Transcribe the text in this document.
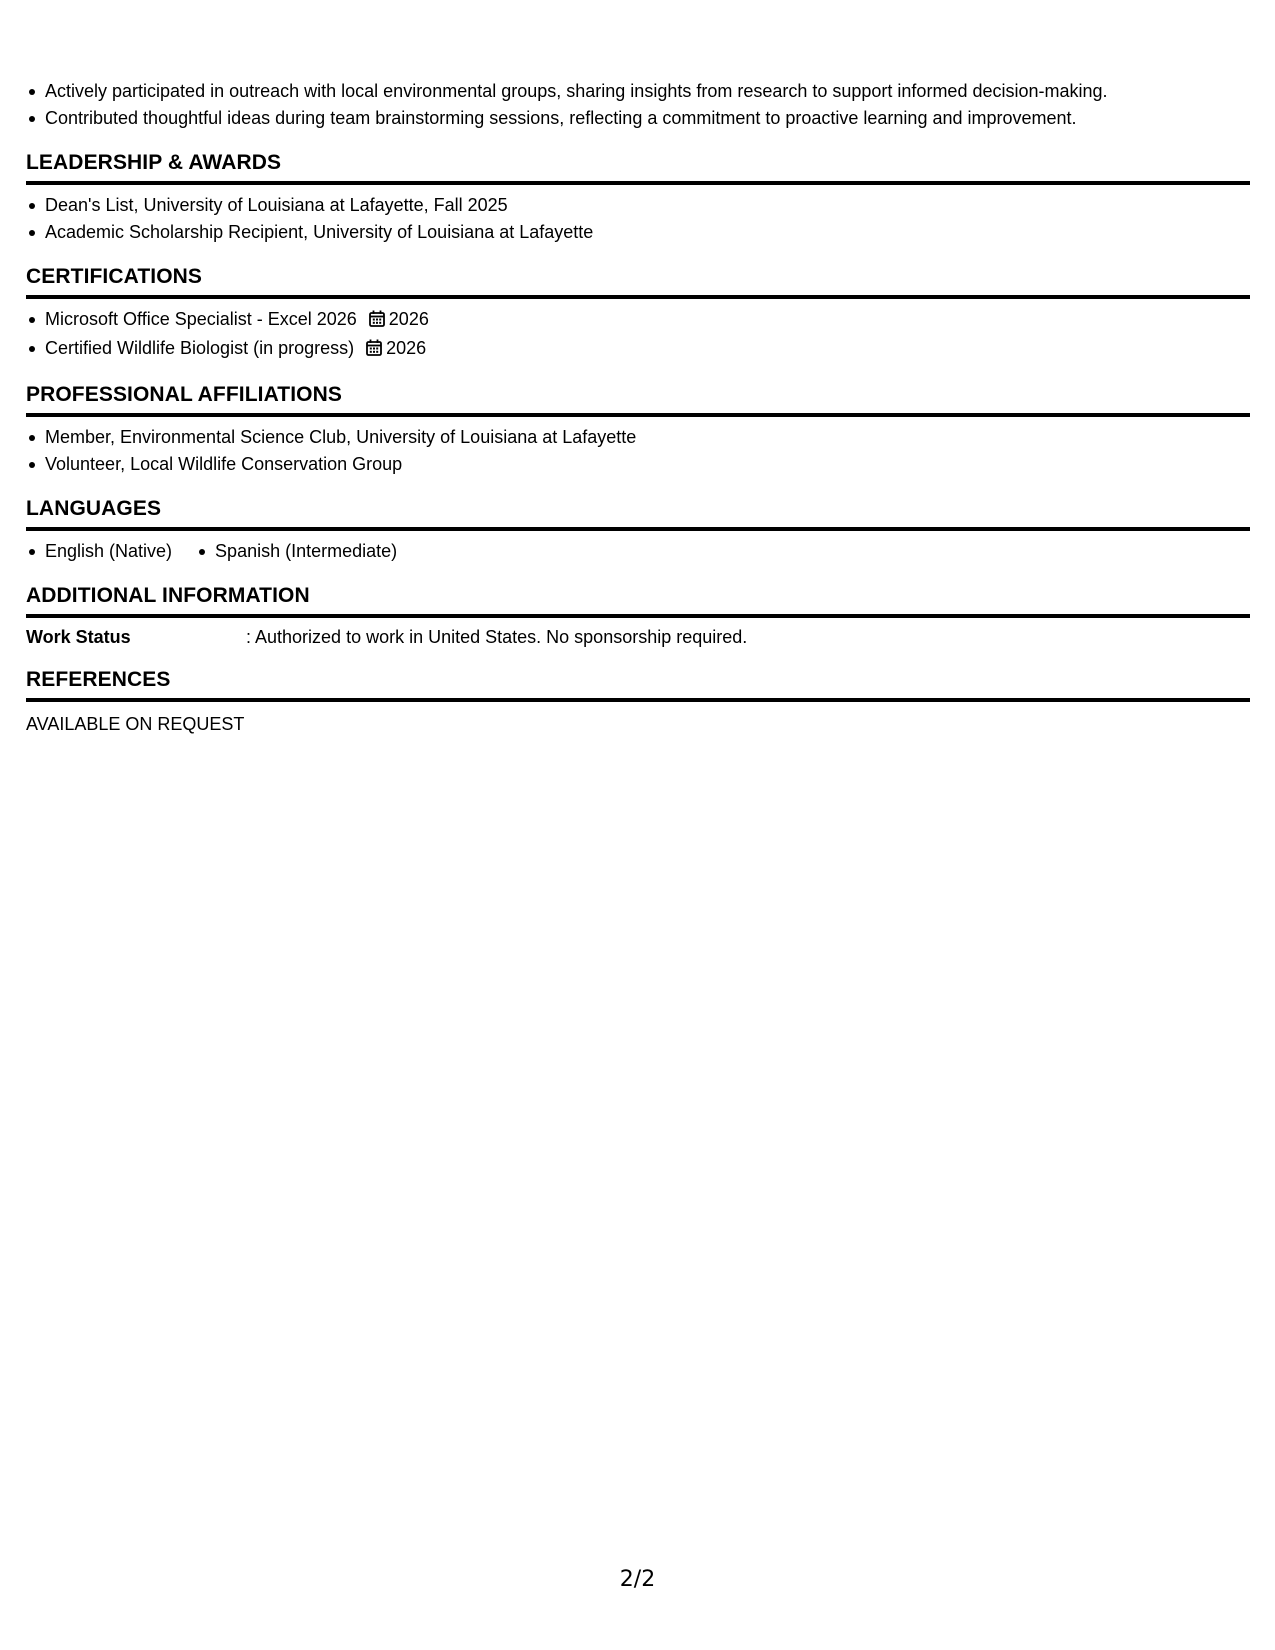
Actively participated in outreach with local environmental groups, sharing insights from research to support informed decision-making.
Contributed thoughtful ideas during team brainstorming sessions, reflecting a commitment to proactive learning and improvement.
LEADERSHIP & AWARDS
Dean's List, University of Louisiana at Lafayette, Fall 2025
Academic Scholarship Recipient, University of Louisiana at Lafayette
CERTIFICATIONS
Microsoft Office Specialist - Excel 2026 2026
Certified Wildlife Biologist (in progress) 2026
PROFESSIONAL AFFILIATIONS
Member, Environmental Science Club, University of Louisiana at Lafayette
Volunteer, Local Wildlife Conservation Group
LANGUAGES
English (Native)	Spanish (Intermediate)
ADDITIONAL INFORMATION
Work Status	: Authorized to work in United States. No sponsorship required.
REFERENCES
AVAILABLE ON REQUEST
2/2
